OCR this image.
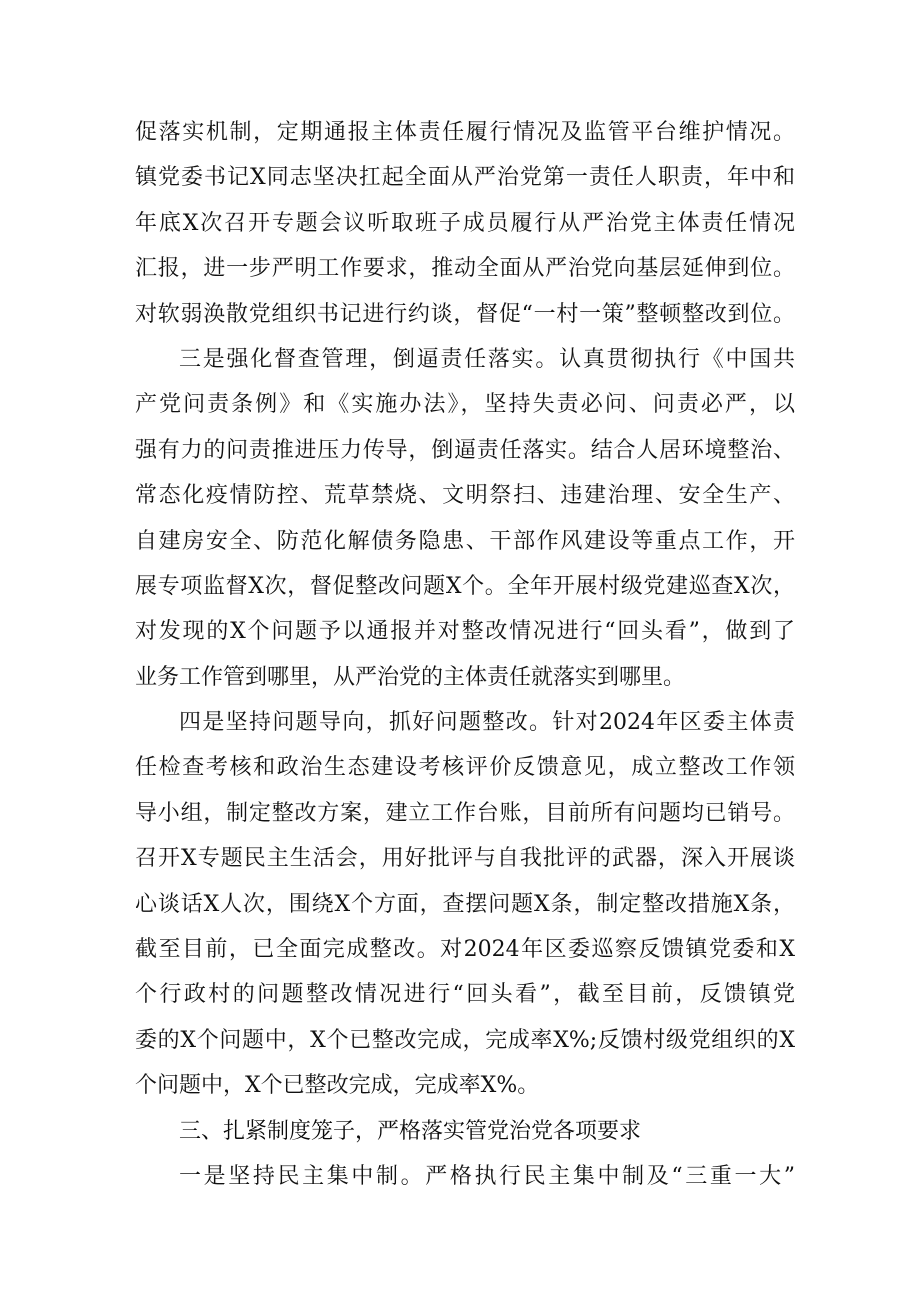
促落实机制，定期通报主体责任履行情况及监管平台维护情况。
镇党委书记X同志坚决扛起全面从严治党第一责任人职责，年中和
年底X次召开专题会议听取班子成员履行从严治党主体责任情况
汇报，进一步严明工作要求，推动全面从严治党向基层延伸到位。
对软弱涣散党组织书记进行约谈，督促“一村一策”整顿整改到位。
三是强化督查管理，倒逼责任落实。认真贯彻执行《中国共
产党问责条例》和《实施办法》，坚持失责必问、问责必严，以
强有力的问责推进压力传导，倒逼责任落实。结合人居环境整治、
常态化疫情防控、荒草禁烧、文明祭扫、违建治理、安全生产、
自建房安全、防范化解债务隐患、干部作风建设等重点工作，开
展专项监督X次，督促整改问题X个。全年开展村级党建巡查X次，
对发现的X个问题予以通报并对整改情况进行“回头看”，做到了
业务工作管到哪里，从严治党的主体责任就落实到哪里。
四是坚持问题导向，抓好问题整改。针对2024年区委主体责
任检查考核和政治生态建设考核评价反馈意见，成立整改工作领
导小组，制定整改方案，建立工作台账，目前所有问题均已销号。
召开X专题民主生活会，用好批评与自我批评的武器，深入开展谈
心谈话X人次，围绕X个方面，查摆问题X条，制定整改措施X条，
截至目前，已全面完成整改。对2024年区委巡察反馈镇党委和X
个行政村的问题整改情况进行“回头看”，截至目前，反馈镇党
委的X个问题中，X个已整改完成，完成率X%;反馈村级党组织的X
个问题中，X个已整改完成，完成率X%。
三、扎紧制度笼子，严格落实管党治党各项要求
一是坚持民主集中制。严格执行民主集中制及“三重一大”
